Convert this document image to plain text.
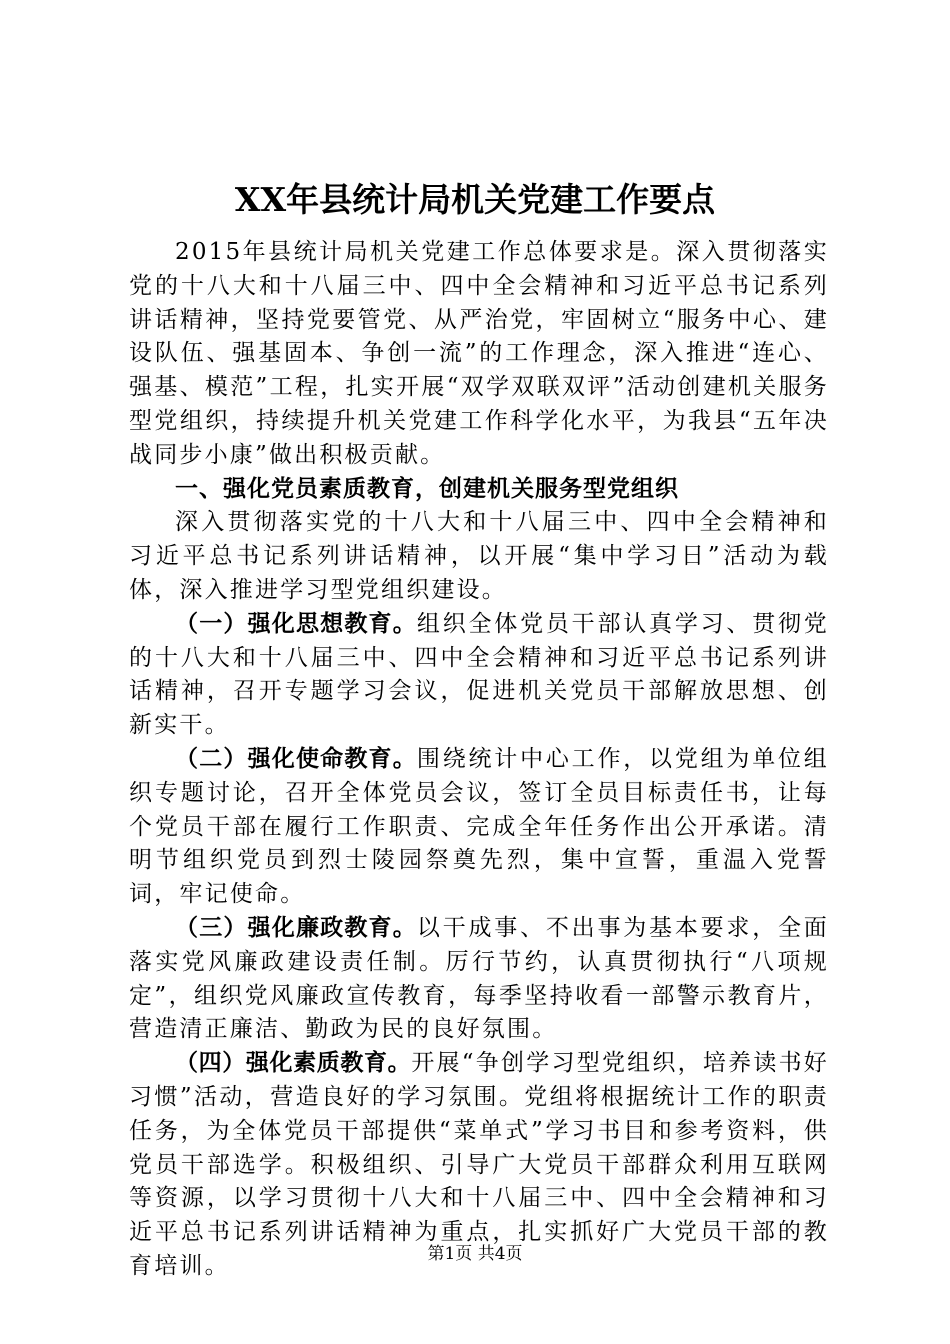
XX年县统计局机关党建工作要点

2015年县统计局机关党建工作总体要求是。深入贯彻落实党的十八大和十八届三中、四中全会精神和习近平总书记系列讲话精神，坚持党要管党、从严治党，牢固树立“服务中心、建设队伍、强基固本、争创一流”的工作理念，深入推进“连心、强基、模范”工程，扎实开展“双学双联双评”活动创建机关服务型党组织，持续提升机关党建工作科学化水平，为我县“五年决战同步小康”做出积极贡献。

一、强化党员素质教育，创建机关服务型党组织

深入贯彻落实党的十八大和十八届三中、四中全会精神和习近平总书记系列讲话精神，以开展“集中学习日”活动为载体，深入推进学习型党组织建设。

（一）强化思想教育。组织全体党员干部认真学习、贯彻党的十八大和十八届三中、四中全会精神和习近平总书记系列讲话精神，召开专题学习会议，促进机关党员干部解放思想、创新实干。

（二）强化使命教育。围绕统计中心工作，以党组为单位组织专题讨论，召开全体党员会议，签订全员目标责任书，让每个党员干部在履行工作职责、完成全年任务作出公开承诺。清明节组织党员到烈士陵园祭奠先烈，集中宣誓，重温入党誓词，牢记使命。

（三）强化廉政教育。以干成事、不出事为基本要求，全面落实党风廉政建设责任制。厉行节约，认真贯彻执行“八项规定”，组织党风廉政宣传教育，每季坚持收看一部警示教育片，营造清正廉洁、勤政为民的良好氛围。

（四）强化素质教育。开展“争创学习型党组织，培养读书好习惯”活动，营造良好的学习氛围。党组将根据统计工作的职责任务，为全体党员干部提供“菜单式”学习书目和参考资料，供党员干部选学。积极组织、引导广大党员干部群众利用互联网等资源，以学习贯彻十八大和十八届三中、四中全会精神和习近平总书记系列讲话精神为重点，扎实抓好广大党员干部的教育培训。	第1页 共4页
